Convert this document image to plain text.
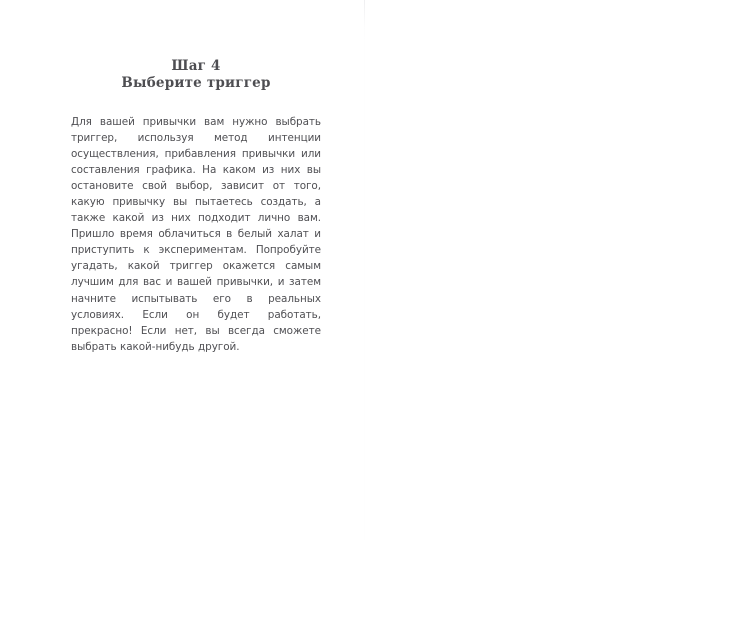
Шаг 4
Выберите триггер

Для вашей привычки вам нужно выбрать триггер, используя метод интенции осуществления, прибавления привычки или составления графика. На каком из них вы остановите свой выбор, зависит от того, какую привычку вы пытаетесь создать, а также какой из них подходит лично вам. Пришло время облачиться в белый халат и приступить к экспериментам. Попробуйте угадать, какой триггер окажется самым лучшим для вас и вашей привычки, и затем начните испытывать его в реальных условиях. Если он будет работать, прекрасно! Если нет, вы всегда сможете выбрать какой-нибудь другой.
